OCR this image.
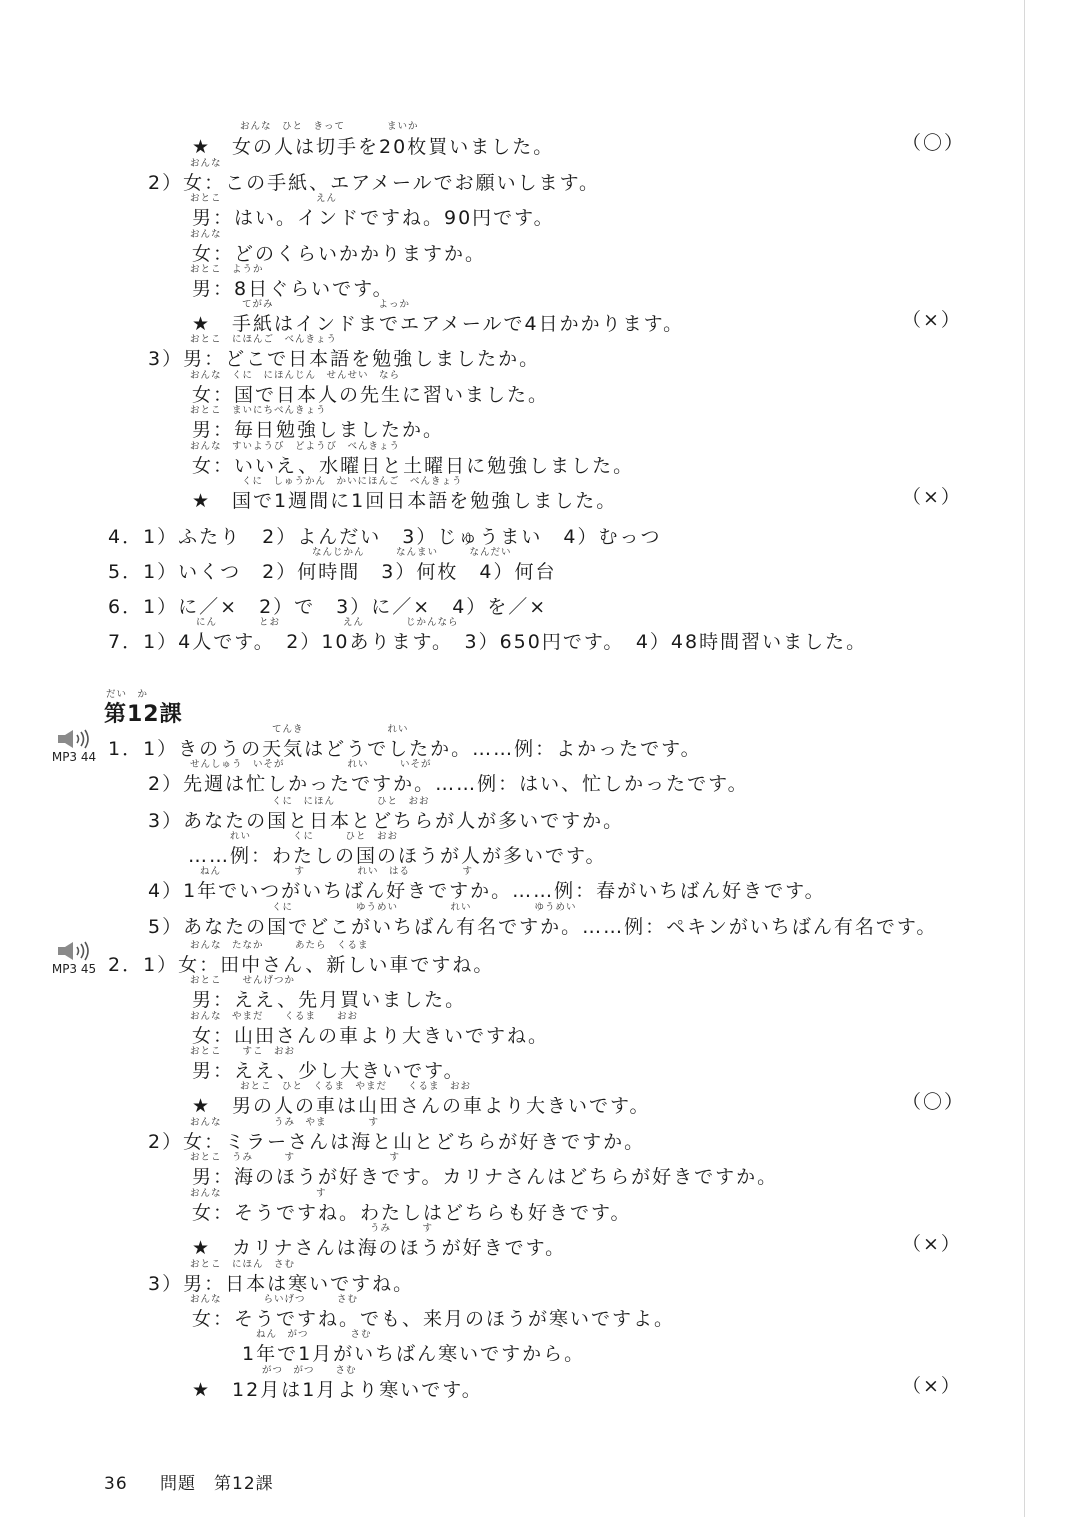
おんな　ひと　きって　　　　まいか
★　女の人は切手を20枚買いました。	（〇）
おんな
2）女：この手紙、エアメールでお願いします。
おとこ　　　　　　　　　えん
男：はい。インドですね。90円です。
おんな
女：どのくらいかかりますか。
おとこ　ようか
男：8日ぐらいです。
てがみ　　　　　　　　　　よっか
★　手紙はインドまでエアメールで4日かかります。	（×）
おとこ　にほんご　べんきょう
3）男：どこで日本語を勉強しましたか。
おんな　くに　にほんじん　せんせい　なら
女：国で日本人の先生に習いました。
おとこ　まいにちべんきょう
男：毎日勉強しましたか。
おんな　すいようび　どようび　べんきょう
女：いいえ、水曜日と土曜日に勉強しました。
くに　しゅうかん　かいにほんご　べんきょう
★　国で1週間に1回日本語を勉強しました。	（×）
4．1）ふたり　2）よんだい　3）じゅうまい　4）むっつ
なんじかん　　　なんまい　　　なんだい
5．1）いくつ　2）何時間　3）何枚　4）何台
6．1）に／×　2）で　3）に／×　4）を／×
にん　　　　とお　　　　　　えん　　　　じかんなら
7．1）4人です。　2）10あります。　3）650円です。　4）48時間習いました。
だい　か
第12課
MP3 44
てんき　　　　　　　　れい
1．1）きのうの天気はどうでしたか。……例：よかったです。
せんしゅう　いそが　　　　　　れい　　　いそが
2）先週は忙しかったですか。……例：はい、忙しかったです。
くに　にほん　　　　ひと　おお
3）あなたの国と日本とどちらが人が多いですか。
れい　　　　くに　　　ひと　おお
……例：わたしの国のほうが人が多いです。
ねん　　　　　　　す　　　　　れい　はる　　　　　す
4）1年でいつがいちばん好きですか。……例：春がいちばん好きです。
くに　　　　　　ゆうめい　　　　　れい　　　　　　ゆうめい
5）あなたの国でどこがいちばん有名ですか。……例：ペキンがいちばん有名です。
MP3 45
おんな　たなか　　　あたら　くるま
2．1）女：田中さん、新しい車ですね。
おとこ　　せんげつか
男：ええ、先月買いました。
おんな　やまだ　　くるま　　おお
女：山田さんの車より大きいですね。
おとこ　　すこ　おお
男：ええ、少し大きいです。
おとこ　ひと　くるま　やまだ　　くるま　おお
★　男の人の車は山田さんの車より大きいです。	（〇）
おんな　　　　　うみ　やま　　　　す
2）女：ミラーさんは海と山とどちらが好きですか。
おとこ　うみ　　　す　　　　　　　　　す
男：海のほうが好きです。カリナさんはどちらが好きですか。
おんな　　　　　　　　　す
女：そうですね。わたしはどちらも好きです。
うみ　　　す
★　カリナさんは海のほうが好きです。	（×）
おとこ　にほん　さむ
3）男：日本は寒いですね。
おんな　　　　らいげつ　　　さむ
女：そうですね。でも、来月のほうが寒いですよ。
ねん　がつ　　　　さむ
1年で1月がいちばん寒いですから。
がつ　がつ　　さむ
★　12月は1月より寒いです。	（×）
36 問題　第12課
